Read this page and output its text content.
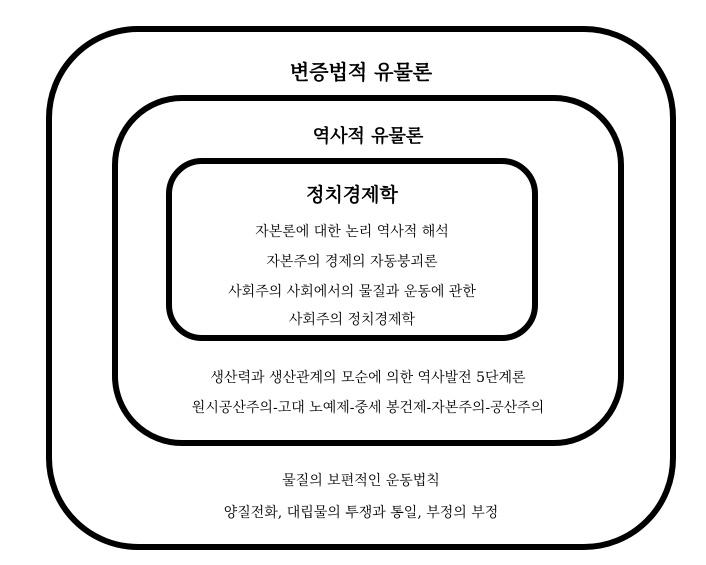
변증법적 유물론
물질의 보편적인 운동법칙
양질전화, 대립물의 투쟁과 통일, 부정의 부정
역사적 유물론
생산력과 생산관계의 모순에 의한 역사발전 5단계론
원시공산주의-고대 노예제-중세 봉건제-자본주의-공산주의
정치경제학
자본론에 대한 논리 역사적 해석
자본주의 경제의 자동붕괴론
사회주의 사회에서의 물질과 운동에 관한
사회주의 정치경제학
